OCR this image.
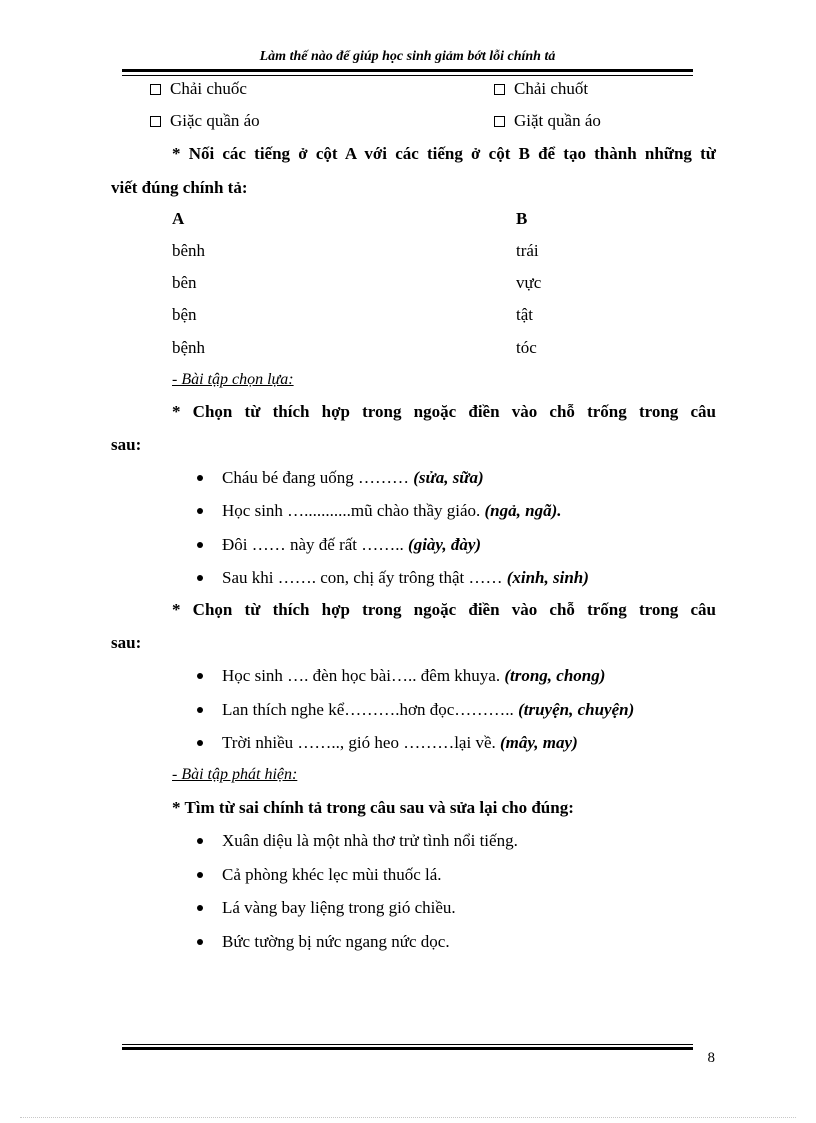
Làm thế nào để giúp học sinh giảm bớt lỗi chính tả
Chải chuốc	Chải chuốt
Giặc quần áo	Giặt quần áo
* Nối các tiếng ở cột A với các tiếng ở cột B để tạo thành những từ
viết đúng chính tả:
A	B
bênh	trái
bên	vực
bện	tật
bệnh	tóc
- Bài tập chọn lựa:
* Chọn từ thích hợp trong ngoặc điền vào chỗ trống trong câu
sau:
Cháu bé đang uống ……… (sửa, sữa)
Học sinh …...........mũ chào thầy giáo. (ngả, ngã).
Đôi …… này đế rất …….. (giày, đày)
Sau khi ……. con, chị ấy trông thật …… (xinh, sinh)
* Chọn từ thích hợp trong ngoặc điền vào chỗ trống trong câu
sau:
Học sinh …. đèn học bài….. đêm khuya. (trong, chong)
Lan thích nghe kể……….hơn đọc……….. (truyện, chuyện)
Trời nhiều …….., gió heo ………lại về. (mây, may)
- Bài tập phát hiện:
* Tìm từ sai chính tả trong câu sau và sửa lại cho đúng:
Xuân diệu là một nhà thơ trử tình nổi tiếng.
Cả phòng khéc lẹc mùi thuốc lá.
Lá vàng bay liệng trong gió chiều.
Bức tường bị nức ngang nức dọc.
8
